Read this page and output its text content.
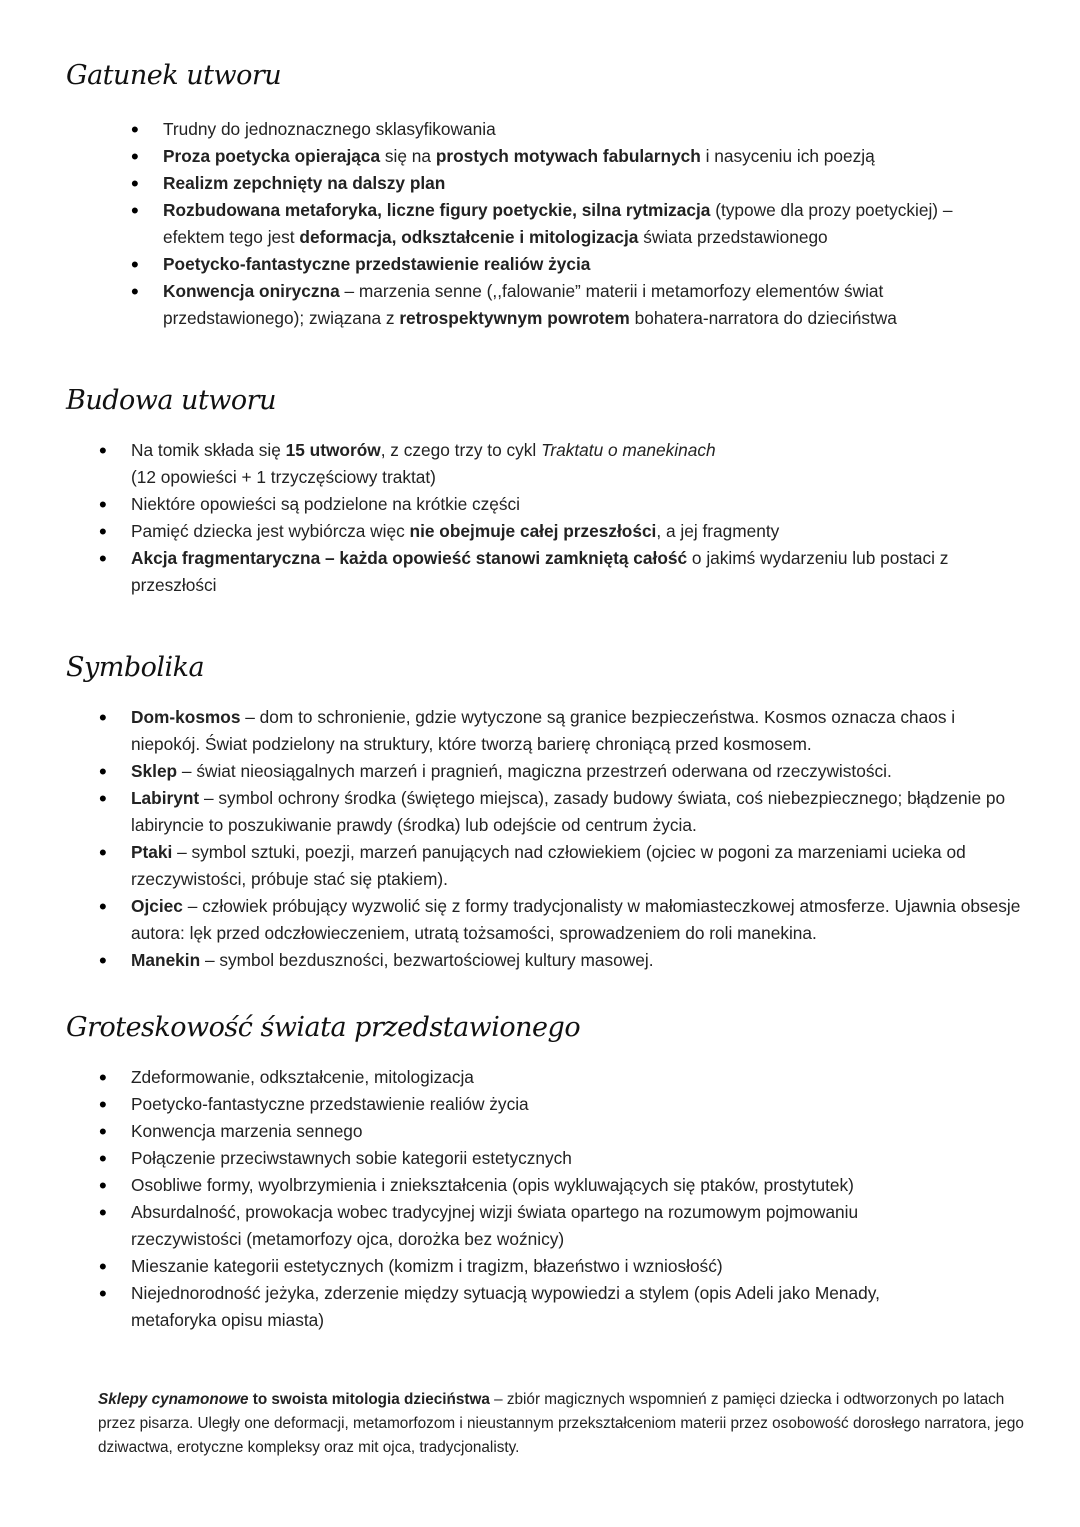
Gatunek utworu
• Trudny do jednoznacznego sklasyfikowania
• Proza poetycka opierająca się na prostych motywach fabularnych i nasyceniu ich poezją
• Realizm zepchnięty na dalszy plan
• Rozbudowana metaforyka, liczne figury poetyckie, silna rytmizacja (typowe dla prozy poetyckiej) – efektem tego jest deformacja, odkształcenie i mitologizacja świata przedstawionego
• Poetycko-fantastyczne przedstawienie realiów życia
• Konwencja oniryczna – marzenia senne (,,falowanie” materii i metamorfozy elementów świat przedstawionego); związana z retrospektywnym powrotem bohatera-narratora do dzieciństwa
Budowa utworu
• Na tomik składa się 15 utworów, z czego trzy to cykl Traktatu o manekinach
(12 opowieści + 1 trzyczęściowy traktat)
• Niektóre opowieści są podzielone na krótkie części
• Pamięć dziecka jest wybiórcza więc nie obejmuje całej przeszłości, a jej fragmenty
• Akcja fragmentaryczna – każda opowieść stanowi zamkniętą całość o jakimś wydarzeniu lub postaci z przeszłości
Symbolika
• Dom-kosmos – dom to schronienie, gdzie wytyczone są granice bezpieczeństwa. Kosmos oznacza chaos i niepokój. Świat podzielony na struktury, które tworzą barierę chroniącą przed kosmosem.
• Sklep – świat nieosiągalnych marzeń i pragnień, magiczna przestrzeń oderwana od rzeczywistości.
• Labirynt – symbol ochrony środka (świętego miejsca), zasady budowy świata, coś niebezpiecznego; błądzenie po labiryncie to poszukiwanie prawdy (środka) lub odejście od centrum życia.
• Ptaki – symbol sztuki, poezji, marzeń panujących nad człowiekiem (ojciec w pogoni za marzeniami ucieka od rzeczywistości, próbuje stać się ptakiem).
• Ojciec – człowiek próbujący wyzwolić się z formy tradycjonalisty w małomiasteczkowej atmosferze. Ujawnia obsesje autora: lęk przed odczłowieczeniem, utratą tożsamości, sprowadzeniem do roli manekina.
• Manekin – symbol bezduszności, bezwartościowej kultury masowej.
Groteskowość świata przedstawionego
• Zdeformowanie, odkształcenie, mitologizacja
• Poetycko-fantastyczne przedstawienie realiów życia
• Konwencja marzenia sennego
• Połączenie przeciwstawnych sobie kategorii estetycznych
• Osobliwe formy, wyolbrzymienia i zniekształcenia (opis wykluwających się ptaków, prostytutek)
• Absurdalność, prowokacja wobec tradycyjnej wizji świata opartego na rozumowym pojmowaniu rzeczywistości (metamorfozy ojca, dorożka bez woźnicy)
• Mieszanie kategorii estetycznych (komizm i tragizm, błazeństwo i wzniosłość)
• Niejednorodność jeżyka, zderzenie między sytuacją wypowiedzi a stylem (opis Adeli jako Menady, metaforyka opisu miasta)

Sklepy cynamonowe to swoista mitologia dzieciństwa – zbiór magicznych wspomnień z pamięci dziecka i odtworzonych po latach przez pisarza. Uległy one deformacji, metamorfozom i nieustannym przekształceniom materii przez osobowość dorosłego narratora, jego dziwactwa, erotyczne kompleksy oraz mit ojca, tradycjonalisty.
